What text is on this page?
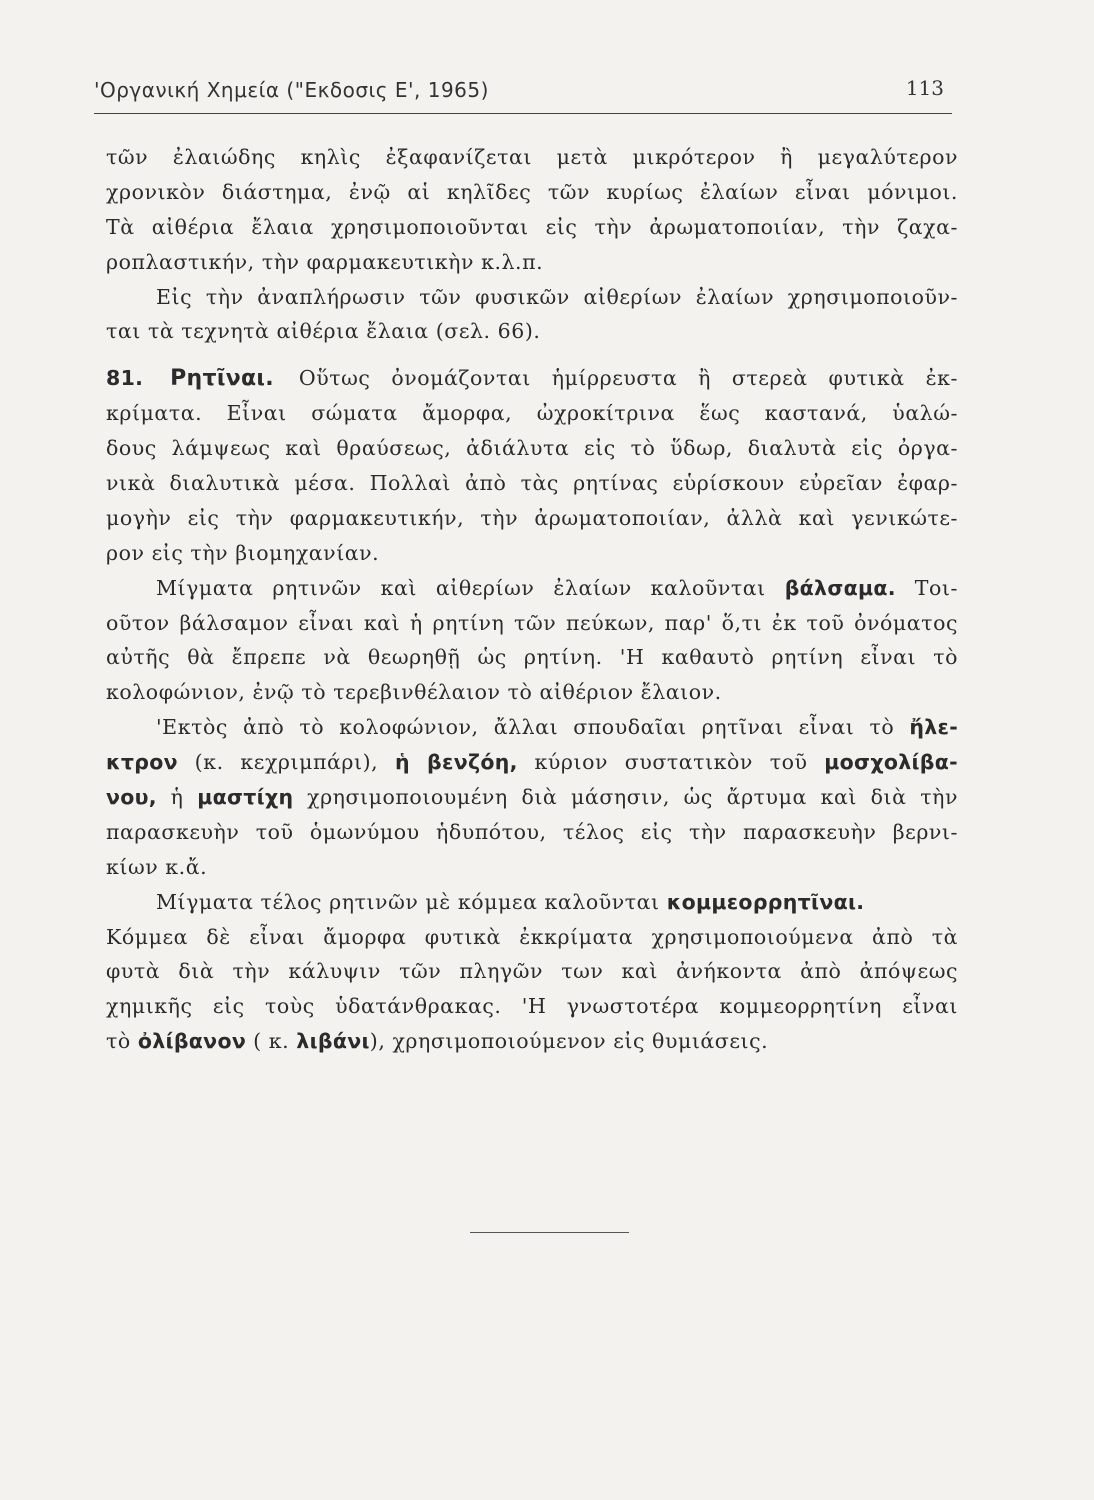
'Οργανική Χημεία ("Εκδοσις Ε', 1965)	113
τῶν ἐλαιώδης κηλὶς ἐξαφανίζεται μετὰ μικρότερον ἢ μεγαλύτερον
χρονικὸν διάστημα, ἐνῷ αἱ κηλῖδες τῶν κυρίως ἐλαίων εἶναι μόνιμοι.
Τὰ αἰθέρια ἔλαια χρησιμοποιοῦνται εἰς τὴν ἀρωματοποιίαν, τὴν ζαχα-
ροπλαστικήν, τὴν φαρμακευτικὴν κ.λ.π.
Εἰς τὴν ἀναπλήρωσιν τῶν φυσικῶν αἰθερίων ἐλαίων χρησιμοποιοῦν-
ται τὰ τεχνητὰ αἰθέρια ἔλαια (σελ. 66).
81. Ρητῖναι. Οὕτως ὀνομάζονται ἡμίρρευστα ἢ στερεὰ φυτικὰ ἐκ-
κρίματα. Εἶναι σώματα ἄμορφα, ὠχροκίτρινα ἕως καστανά, ὑαλώ-
δους λάμψεως καὶ θραύσεως, ἀδιάλυτα εἰς τὸ ὕδωρ, διαλυτὰ εἰς ὀργα-
νικὰ διαλυτικὰ μέσα. Πολλαὶ ἀπὸ τὰς ρητίνας εὑρίσκουν εὐρεῖαν ἐφαρ-
μογὴν εἰς τὴν φαρμακευτικήν, τὴν ἀρωματοποιίαν, ἀλλὰ καὶ γενικώτε-
ρον εἰς τὴν βιομηχανίαν.
Μίγματα ρητινῶν καὶ αἰθερίων ἐλαίων καλοῦνται βάλσαμα. Τοι-
οῦτον βάλσαμον εἶναι καὶ ἡ ρητίνη τῶν πεύκων, παρ' ὅ,τι ἐκ τοῦ ὀνόματος
αὐτῆς θὰ ἔπρεπε νὰ θεωρηθῇ ὡς ρητίνη. 'Η καθαυτὸ ρητίνη εἶναι τὸ
κολοφώνιον, ἐνῷ τὸ τερεβινθέλαιον τὸ αἰθέριον ἔλαιον.
'Εκτὸς ἀπὸ τὸ κολοφώνιον, ἄλλαι σπουδαῖαι ρητῖναι εἶναι τὸ ἤλε-
κτρον (κ. κεχριμπάρι), ἡ βενζόη, κύριον συστατικὸν τοῦ μοσχολίβα-
νου, ἡ μαστίχη χρησιμοποιουμένη διὰ μάσησιν, ὡς ἄρτυμα καὶ διὰ τὴν
παρασκευὴν τοῦ ὁμωνύμου ἡδυπότου, τέλος εἰς τὴν παρασκευὴν βερνι-
κίων κ.ἄ.
Μίγματα τέλος ρητινῶν μὲ κόμμεα καλοῦνται κομμεορρητῖναι.
Κόμμεα δὲ εἶναι ἄμορφα φυτικὰ ἐκκρίματα χρησιμοποιούμενα ἀπὸ τὰ
φυτὰ διὰ τὴν κάλυψιν τῶν πληγῶν των καὶ ἀνήκοντα ἀπὸ ἀπόψεως
χημικῆς εἰς τοὺς ὑδατάνθρακας. 'Η γνωστοτέρα κομμεορρητίνη εἶναι
τὸ ὀλίβανον ( κ. λιβάνι), χρησιμοποιούμενον εἰς θυμιάσεις.
